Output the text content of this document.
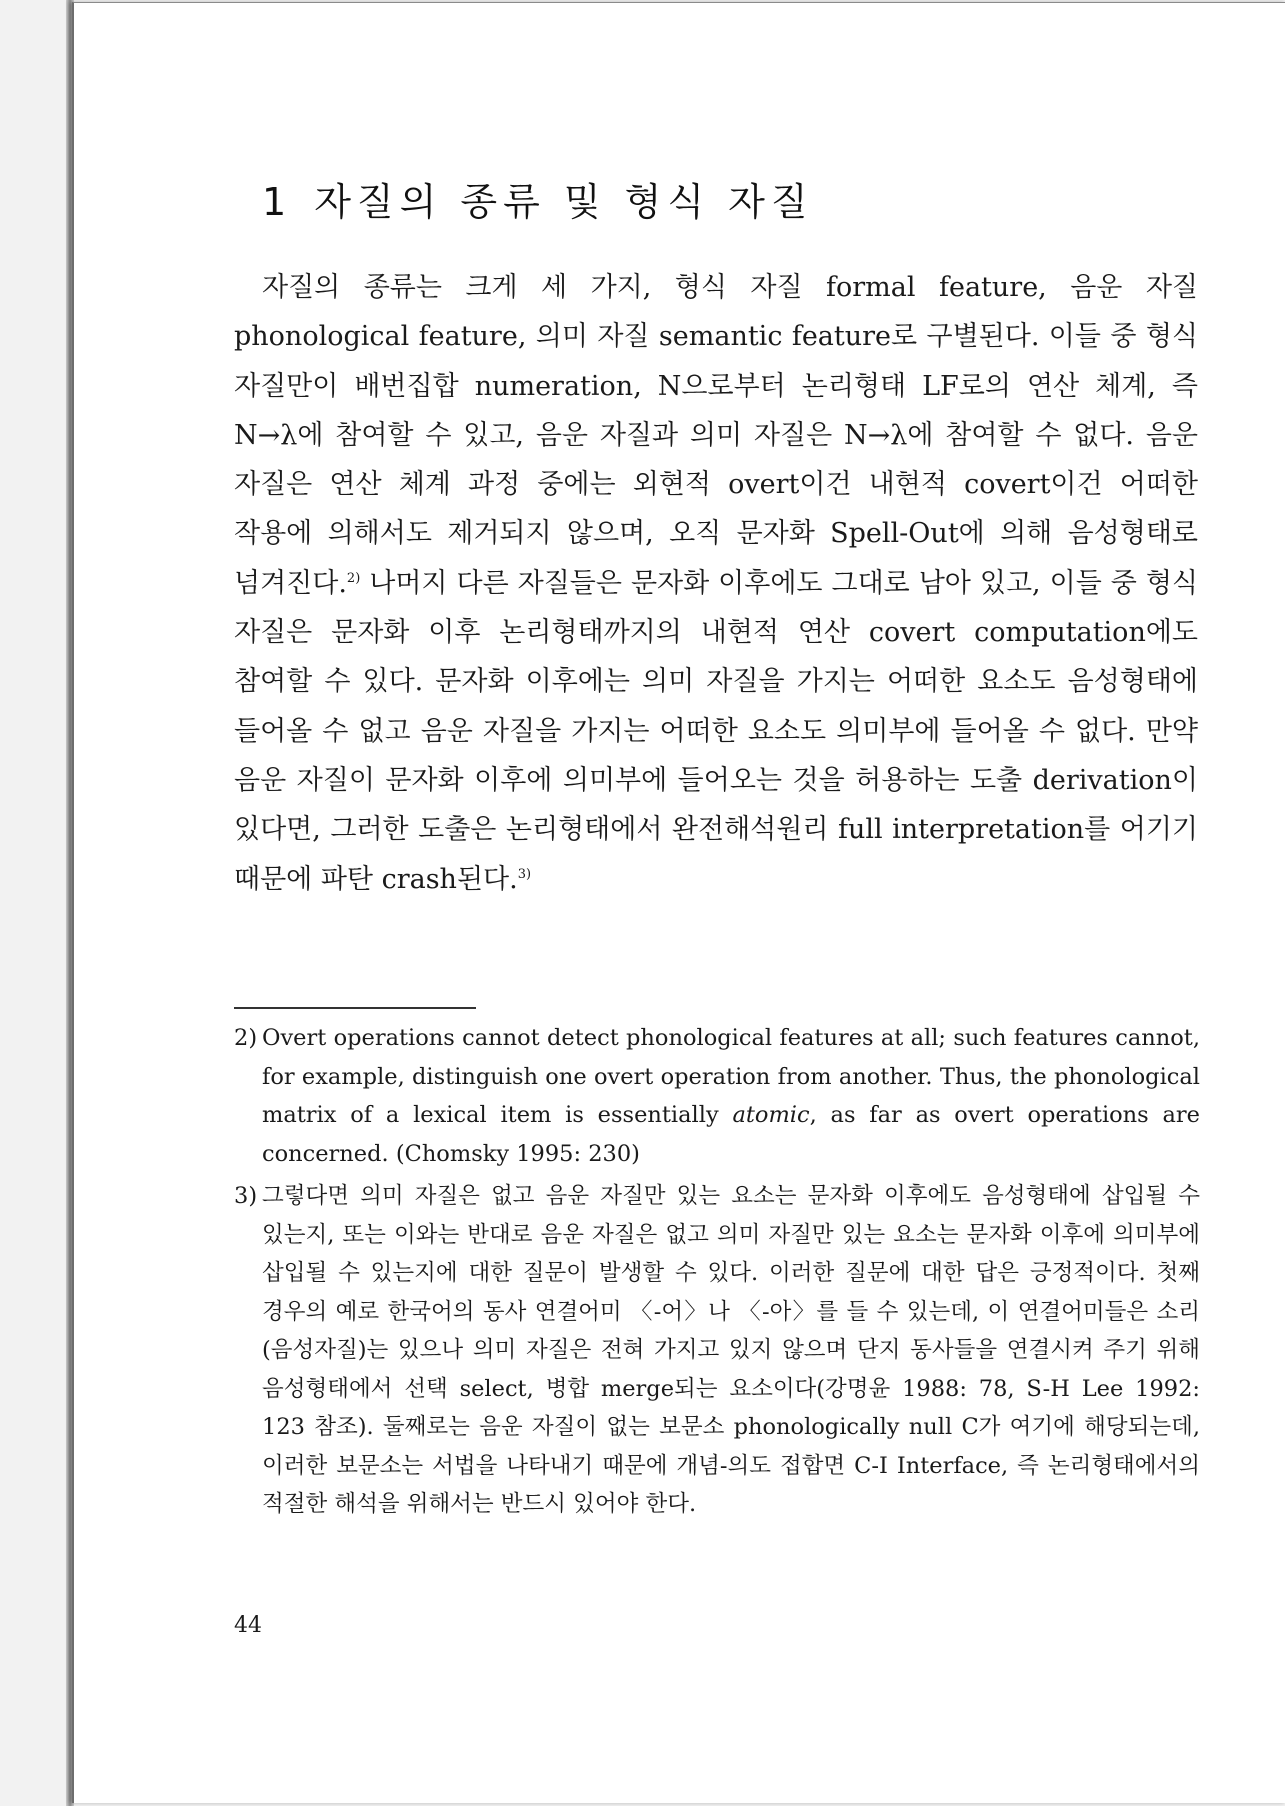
1 자질의 종류 및 형식 자질

자질의 종류는 크게 세 가지, 형식 자질 formal feature, 음운 자질 phonological feature, 의미 자질 semantic feature로 구별된다. 이들 중 형식 자질만이 배번집합 numeration, N으로부터 논리형태 LF로의 연산 체계, 즉 N→λ에 참여할 수 있고, 음운 자질과 의미 자질은 N→λ에 참여할 수 없다. 음운 자질은 연산 체계 과정 중에는 외현적 overt이건 내현적 covert이건 어떠한 작용에 의해서도 제거되지 않으며, 오직 문자화 Spell-Out에 의해 음성형태로 넘겨진다.$^{2)}$ 나머지 다른 자질들은 문자화 이후에도 그대로 남아 있고, 이들 중 형식 자질은 문자화 이후 논리형태까지의 내현적 연산 covert computation에도 참여할 수 있다. 문자화 이후에는 의미 자질을 가지는 어떠한 요소도 음성형태에 들어올 수 없고 음운 자질을 가지는 어떠한 요소도 의미부에 들어올 수 없다. 만약 음운 자질이 문자화 이후에 의미부에 들어오는 것을 허용하는 도출 derivation이 있다면, 그러한 도출은 논리형태에서 완전해석원리 full interpretation를 어기기 때문에 파탄 crash된다.$^{3)}$

2) Overt operations cannot detect phonological features at all; such features cannot, for example, distinguish one overt operation from another. Thus, the phonological matrix of a lexical item is essentially atomic, as far as overt operations are concerned. (Chomsky 1995: 230)
3) 그렇다면 의미 자질은 없고 음운 자질만 있는 요소는 문자화 이후에도 음성형태에 삽입될 수 있는지, 또는 이와는 반대로 음운 자질은 없고 의미 자질만 있는 요소는 문자화 이후에 의미부에 삽입될 수 있는지에 대한 질문이 발생할 수 있다. 이러한 질문에 대한 답은 긍정적이다. 첫째 경우의 예로 한국어의 동사 연결어미 〈-어〉나 〈-아〉를 들 수 있는데, 이 연결어미들은 소리(음성자질)는 있으나 의미 자질은 전혀 가지고 있지 않으며 단지 동사들을 연결시켜 주기 위해 음성형태에서 선택 select, 병합 merge되는 요소이다(강명윤 1988: 78, S-H Lee 1992: 123 참조). 둘째로는 음운 자질이 없는 보문소 phonologically null C가 여기에 해당되는데, 이러한 보문소는 서법을 나타내기 때문에 개념-의도 접합면 C-I Interface, 즉 논리형태에서의 적절한 해석을 위해서는 반드시 있어야 한다.

44
